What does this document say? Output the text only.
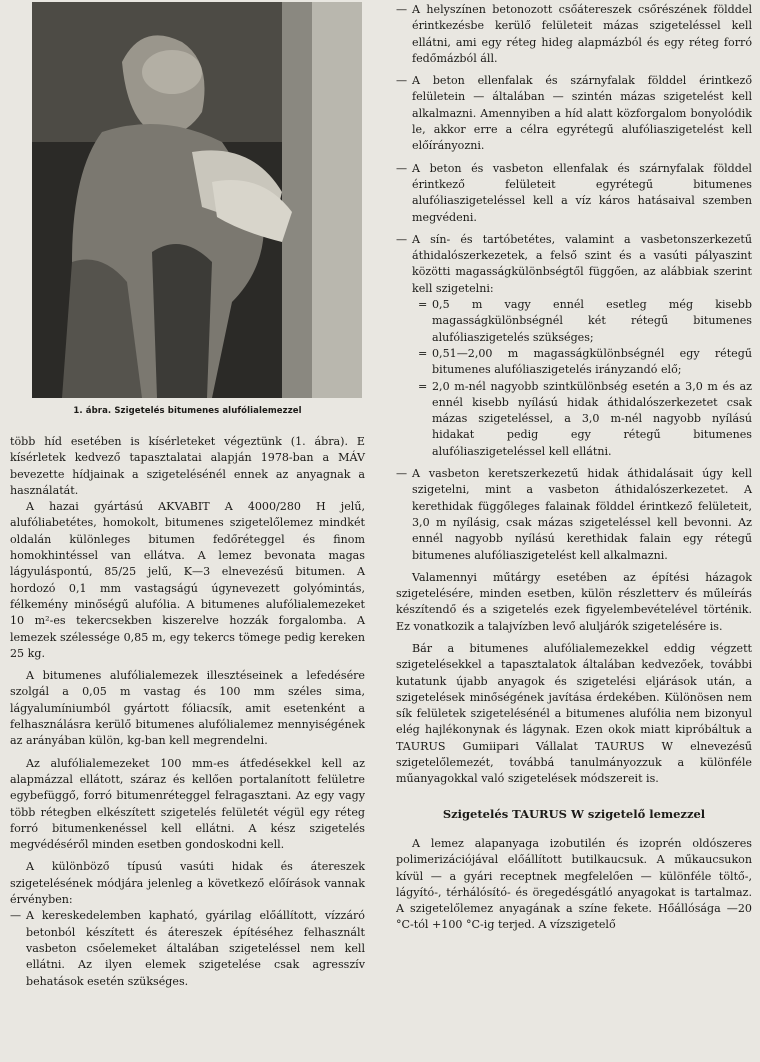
1. ábra. Szigetelés bitumenes alufólialemezzel

több híd esetében is kísérleteket végeztünk (1. ábra). E kísérletek kedvező tapasztalatai alapján 1978-ban a MÁV bevezette hídjainak a szigetelésénél ennek az anyagnak a használatát.

A hazai gyártású AKVABIT A 4000/280 H jelű, alufóliabetétes, homokolt, bitumenes szigetelőlemez mindkét oldalán különleges bitumen fedőréteggel és finom homokhintéssel van ellátva. A lemez bevonata magas lágyuláspontú, 85/25 jelű, K—3 elnevezésű bitumen. A hordozó 0,1 mm vastagságú úgynevezett golyómintás, félkemény minőségű alufólia. A bitumenes alufólialemezeket 10 m²-es tekercsekben kiszerelve hozzák forgalomba. A lemezek szélessége 0,85 m, egy tekercs tömege pedig kereken 25 kg.

A bitumenes alufólialemezek illesztéseinek a lefedésére szolgál a 0,05 m vastag és 100 mm széles sima, lágyalumíniumból gyártott fóliacsík, amit esetenként a felhasználásra kerülő bitumenes alufólialemez mennyiségének az arányában külön, kg-ban kell megrendelni.

Az alufólialemezeket 100 mm-es átfedésekkel kell az alapmázzal ellátott, száraz és kellően portalanított felületre egybefüggő, forró bitumenréteggel felragasztani. Az egy vagy több rétegben elkészített szigetelés felületét végül egy réteg forró bitumenkenéssel kell ellátni. A kész szigetelés megvédéséről minden esetben gondoskodni kell.

A különböző típusú vasúti hidak és átereszek szigetelésének módjára jelenleg a következő előírások vannak érvényben:

— A kereskedelemben kapható, gyárilag előállított, vízzáró betonból készített és átereszek építéséhez felhasznált vasbeton csőelemeket általában szigeteléssel nem kell ellátni. Az ilyen elemek szigetelése csak agresszív behatások esetén szükséges.

— A helyszínen betonozott csőátereszek csőrészének földdel érintkezésbe kerülő felületeit mázas szigeteléssel kell ellátni, ami egy réteg hideg alapmázból és egy réteg forró fedőmázból áll.

— A beton ellenfalak és szárnyfalak földdel érintkező felületein — általában — szintén mázas szigetelést kell alkalmazni. Amennyiben a híd alatt közforgalom bonyolódik le, akkor erre a célra egyrétegű alufóliaszigetelést kell előírányozni.

— A beton és vasbeton ellenfalak és szárnyfalak földdel érintkező felületeit egyrétegű bitumenes alufóliaszigeteléssel kell a víz káros hatásaival szemben megvédeni.

— A sín- és tartóbetétes, valamint a vasbetonszerkezetű áthidalószerkezetek, a felső szint és a vasúti pályaszint közötti magasságkülönbségtől függően, az alábbiak szerint kell szigetelni:

= 0,5 m vagy ennél esetleg még kisebb magasságkülönbségnél két rétegű bitumenes alufóliaszigetelés szükséges;

= 0,51—2,00 m magasságkülönbségnél egy rétegű bitumenes alufóliaszigetelés irányzandó elő;

= 2,0 m-nél nagyobb szintkülönbség esetén a 3,0 m és az ennél kisebb nyílású hidak áthidalószerkezetet csak mázas szigeteléssel, a 3,0 m-nél nagyobb nyílású hidakat pedig egy rétegű bitumenes alufóliaszigeteléssel kell ellátni.

— A vasbeton keretszerkezetű hidak áthidalásait úgy kell szigetelni, mint a vasbeton áthidalószerkezetet. A kerethidak függőleges falainak földdel érintkező felületeit, 3,0 m nyílásig, csak mázas szigeteléssel kell bevonni. Az ennél nagyobb nyílású kerethidak falain egy rétegű bitumenes alufóliaszigetelést kell alkalmazni.

Valamennyi műtárgy esetében az építési házagok szigetelésére, minden esetben, külön részletterv és műleírás készítendő és a szigetelés ezek figyelembevételével történik. Ez vonatkozik a talajvízben levő aluljárók szigetelésére is.

Bár a bitumenes alufólialemezekkel eddig végzett szigetelésekkel a tapasztalatok általában kedvezőek, további kutatunk újabb anyagok és szigetelési eljárások után, a szigetelések minőségének javítása érdekében. Különösen nem sík felületek szigetelésénél a bitumenes alufólia nem bizonyul elég hajlékonynak és lágynak. Ezen okok miatt kipróbáltuk a TAURUS Gumiipari Vállalat TAURUS W elnevezésű szigetelőlemezét, továbbá tanulmányozzuk a különféle műanyagokkal való szigetelések módszereit is.

Szigetelés TAURUS W szigetelő lemezzel

A lemez alapanyaga izobutilén és izoprén oldószeres polimerizációjával előállított butilkaucsuk. A műkaucsukon kívül — a gyári receptnek megfelelően — különféle töltő-, lágyító-, térhálósító- és öregedésgátló anyagokat is tartalmaz. A szigetelőlemez anyagának a színe fekete. Hőállósága —20 °C-tól +100 °C-ig terjed. A vízszigetelő
